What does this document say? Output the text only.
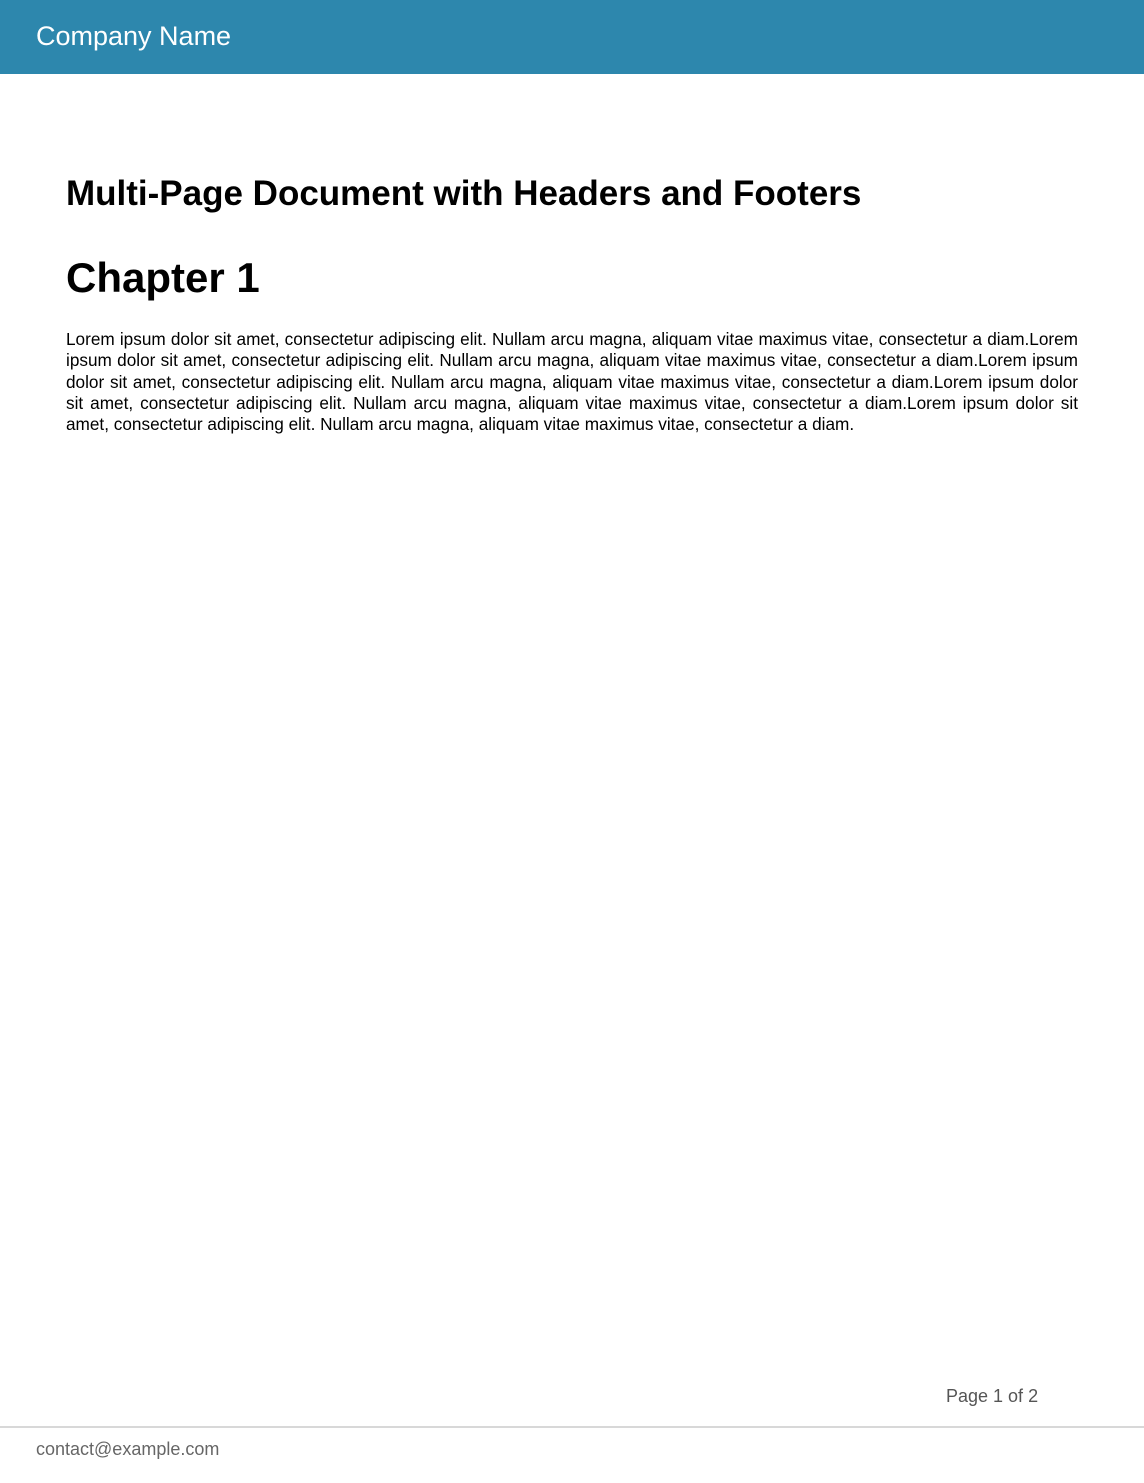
Company Name
Multi-Page Document with Headers and Footers
Chapter 1

Lorem ipsum dolor sit amet, consectetur adipiscing elit. Nullam arcu magna, aliquam vitae maximus vitae, consectetur a diam.Lorem ipsum dolor sit amet, consectetur adipiscing elit. Nullam arcu magna, aliquam vitae maximus vitae, consectetur a diam.Lorem ipsum dolor sit amet, consectetur adipiscing elit. Nullam arcu magna, aliquam vitae maximus vitae, consectetur a diam.Lorem ipsum dolor sit amet, consectetur adipiscing elit. Nullam arcu magna, aliquam vitae maximus vitae, consectetur a diam.Lorem ipsum dolor sit amet, consectetur adipiscing elit. Nullam arcu magna, aliquam vitae maximus vitae, consectetur a diam.

Page 1 of 2
contact@example.com
